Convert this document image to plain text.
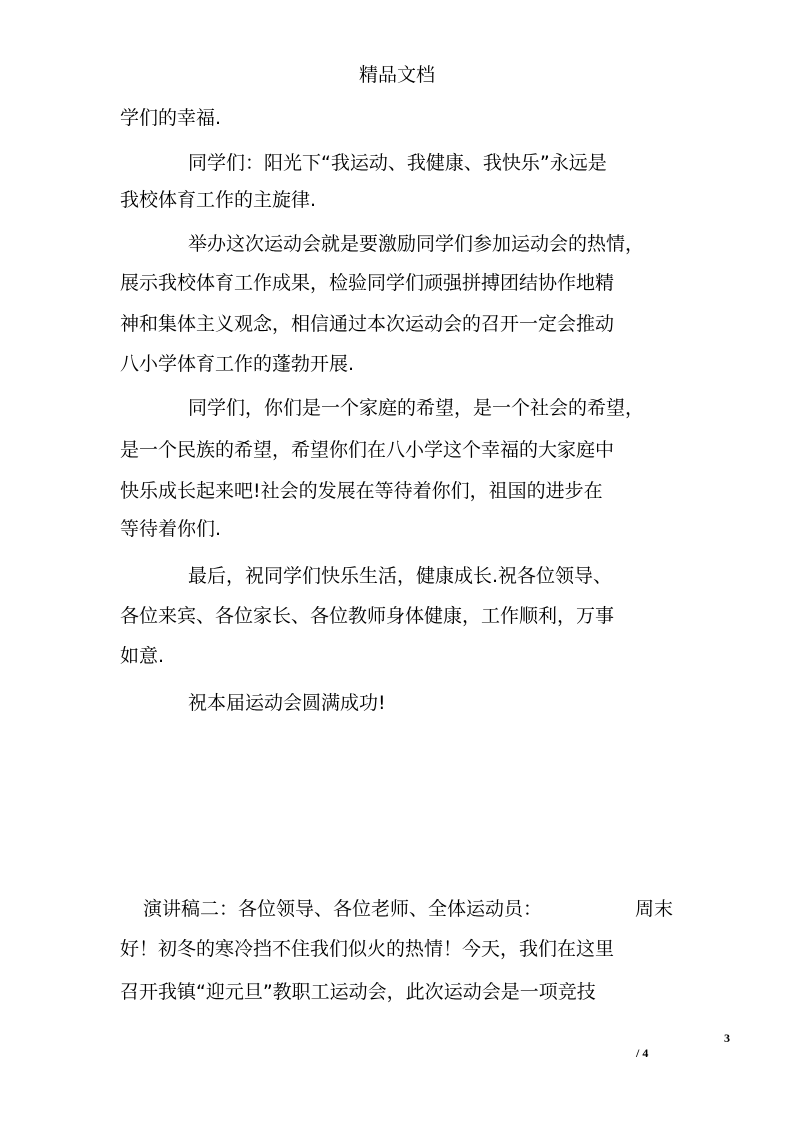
精品文档
学们的幸福.
同学们：阳光下“我运动、我健康、我快乐”永远是
我校体育工作的主旋律.
举办这次运动会就是要激励同学们参加运动会的热情，
展示我校体育工作成果，检验同学们顽强拼搏团结协作地精
神和集体主义观念，相信通过本次运动会的召开一定会推动
八小学体育工作的蓬勃开展.
同学们，你们是一个家庭的希望，是一个社会的希望，
是一个民族的希望，希望你们在八小学这个幸福的大家庭中
快乐成长起来吧!社会的发展在等待着你们，祖国的进步在
等待着你们.
最后，祝同学们快乐生活，健康成长.祝各位领导、
各位来宾、各位家长、各位教师身体健康，工作顺利，万事
如意.
祝本届运动会圆满成功!
演讲稿二：各位领导、各位老师、全体运动员：	周末
好！初冬的寒冷挡不住我们似火的热情！今天，我们在这里
召开我镇“迎元旦”教职工运动会，此次运动会是一项竞技
3
/ 4
